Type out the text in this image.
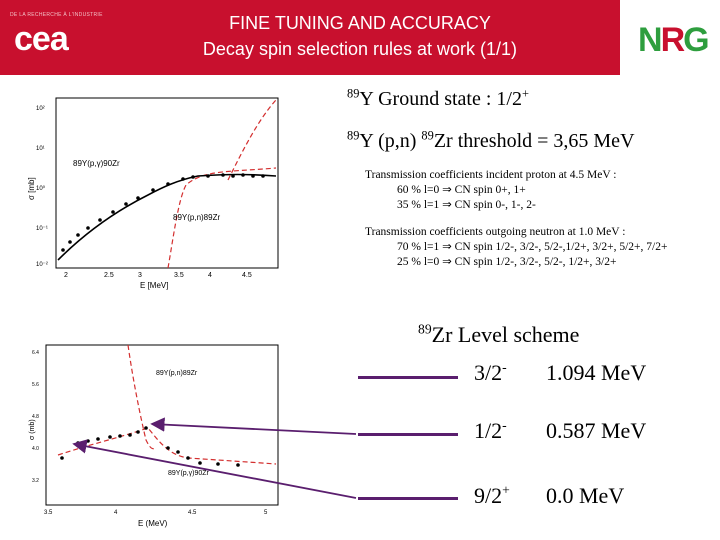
DE LA RECHERCHE À L'INDUSTRIE
cea	FINE TUNING AND ACCURACY
Decay spin selection rules at work (1/1)	NRG
89Y(p,γ)90Zr
89Y(p,n)89Zr
10²
10¹
10⁰
10⁻¹
10⁻²
2	2.5	3	3.5	4	4.5
E [MeV]
σ [mb]
89Y(p,n)89Zr
89Y(p,γ)90Zr
6.4
5.6
4.8
4.0
3.2
3.5	4	4.5	5
E (MeV)
σ (mb)
$^{89}$Y Ground state : 1/2+
$^{89}$Y (p,n) $^{89}$Zr threshold = 3,65 MeV
Transmission coefficients incident proton at 4.5 MeV :
60 % l=0 ⇒ CN spin 0+, 1+
35 % l=1 ⇒ CN spin 0-, 1-, 2-
Transmission coefficients outgoing neutron at 1.0 MeV :
70 % l=1 ⇒ CN spin 1/2-, 3/2-, 5/2-,1/2+, 3/2+, 5/2+, 7/2+
25 % l=0 ⇒ CN spin 1/2-, 3/2-, 5/2-, 1/2+, 3/2+
$^{89}$Zr Level scheme
3/2- 1.094 MeV
1/2- 0.587 MeV
9/2+ 0.0 MeV
